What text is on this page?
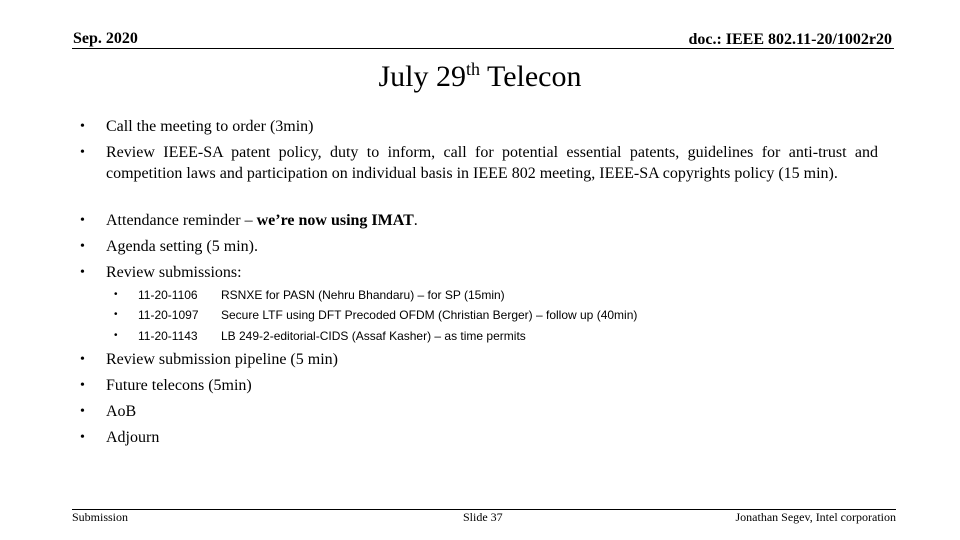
Sep. 2020	doc.: IEEE 802.11-20/1002r20
July 29th Telecon
• Call the meeting to order (3min)
• Review IEEE-SA patent policy, duty to inform, call for potential essential patents, guidelines for anti-trust and competition laws and participation on individual basis in IEEE 802 meeting, IEEE-SA copyrights policy (15 min).
• Attendance reminder – we’re now using IMAT.
• Agenda setting (5 min).
• Review submissions:
• 11-20-1106 RSNXE for PASN (Nehru Bhandaru) – for SP (15min)
• 11-20-1097 Secure LTF using DFT Precoded OFDM (Christian Berger) – follow up (40min)
• 11-20-1143 LB 249-2-editorial-CIDS (Assaf Kasher) – as time permits
• Review submission pipeline (5 min)
• Future telecons (5min)
• AoB
• Adjourn
Submission	Slide 37	Jonathan Segev, Intel corporation
